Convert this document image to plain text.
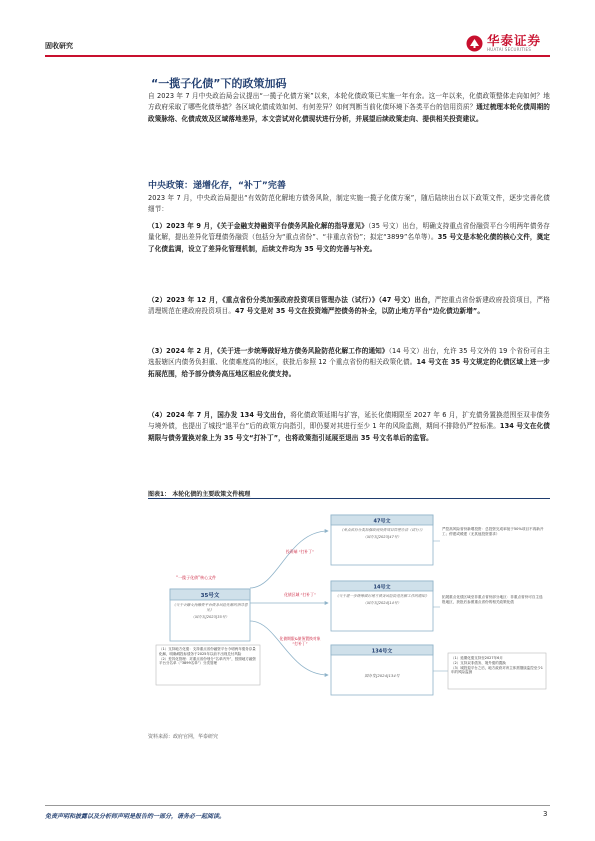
固收研究	华泰证券
HUATAI SECURITIES
“一揽子化债”下的政策加码
自 2023 年 7 月中央政治局会议提出“一揽子化债方案”以来，本轮化债政策已实施一年有余。这一年以来，化债政策整体走向如何？地方政府采取了哪些化债举措？各区域化债成效如何、有何差异？如何判断当前化债环境下各类平台的信用资质？通过梳理本轮化债周期的政策脉络、化债成效及区域落地差异，本文尝试对化债现状进行分析，并展望后续政策走向、提供相关投资建议。
中央政策：递增化存，“补丁”完善
2023 年 7 月，中央政治局提出“有效防范化解地方债务风险，制定实施一揽子化债方案”，随后陆续出台以下政策文件，逐步完善化债细节：
（1）2023 年 9 月，《关于金融支持融资平台债务风险化解的指导意见》（35 号文）出台，明确支持重点省份融资平台今明两年债务存量化解，提出差异化管理债务融资（包括分为“重点省份”、“非重点省份”；拟定“3899”名单等）。35 号文是本轮化债的核心文件，奠定了化债监调，设立了差异化管理机制，后续文件均为 35 号文的完善与补充。
（2）2023 年 12 月，《重点省份分类加强政府投资项目管理办法（试行）》（47 号文）出台，严控重点省份新建政府投资项目，严格清理规范在建政府投资项目。47 号文是对 35 号文在投资端严控债务的补全，以防止地方平台“边化债边新增”。
（3）2024 年 2 月，《关于进一步统筹做好地方债务风险防范化解工作的通知》（14 号文）出台，允许 35 号文外的 19 个省份可自主选报辖区内债务负担重、化债难度高的地区，获批后参照 12 个重点省份的相关政策化债。14 号文在 35 号文规定的化债区域上进一步拓展范围，给予部分债务高压地区相应化债支持。
（4）2024 年 7 月，国办发 134 号文出台，将化债政策延期与扩容，延长化债期限至 2027 年 6 月，扩充债务置换范围至双非债务与境外债，也提出了城投“退平台”后的政策方向指引，即仍要对其进行至少 1 年的风险监测，期间不排除仍严控标准。134 号文在化债期限与债务置换对象上为 35 号文“打补丁”，也将政策指引延展至退出 35 号文名单后的监管。
图表1： 本轮化债的主要政策文件梳理
“一揽子化债”核心文件
35号文
《关于金融支持融资平台债务风险化解的指导意见》
（国办发[2023]35号）
（1）支持地方化债：支持重点省份融资平台今明两年债务存量化解，明确城投标债务于2025年以前不出现兑付风险
（2）差异化管理：对重点省份划分“名单内外”，按照地方融资平台分名单（“3899名单”）分类管理
投资端 “打补丁”
化债区域 “打补丁”
化债期限&债务置换对象 “打补丁”
47号文
《重点省份分类加强政府投资项目管理办法（试行）》
（国办发[2023]47号）
严控高风险省份新增投资：总投资完成率低于50%项目不再新开工；停建或缓建（无其他投资需求）
14号文
《关于进一步统筹做好地方债务风险防范化解工作的通知》
（国办发[2024]14号）
拓展重点化债区域至非重点省份部分地区：非重点省份可自主选报地区，获批后参照重点省份的相关政策化债
134号文
国办发[2024]134号
（1）延期化债支持至2027年6月
（2）支持双非债务、境外债的置换
（3）城投退平台之后，地方政府对该主体需继续监控至少1年的风险监测
资料来源：政府官网，华泰研究
免责声明和披露以及分析师声明是报告的一部分，请务必一起阅读。	3
